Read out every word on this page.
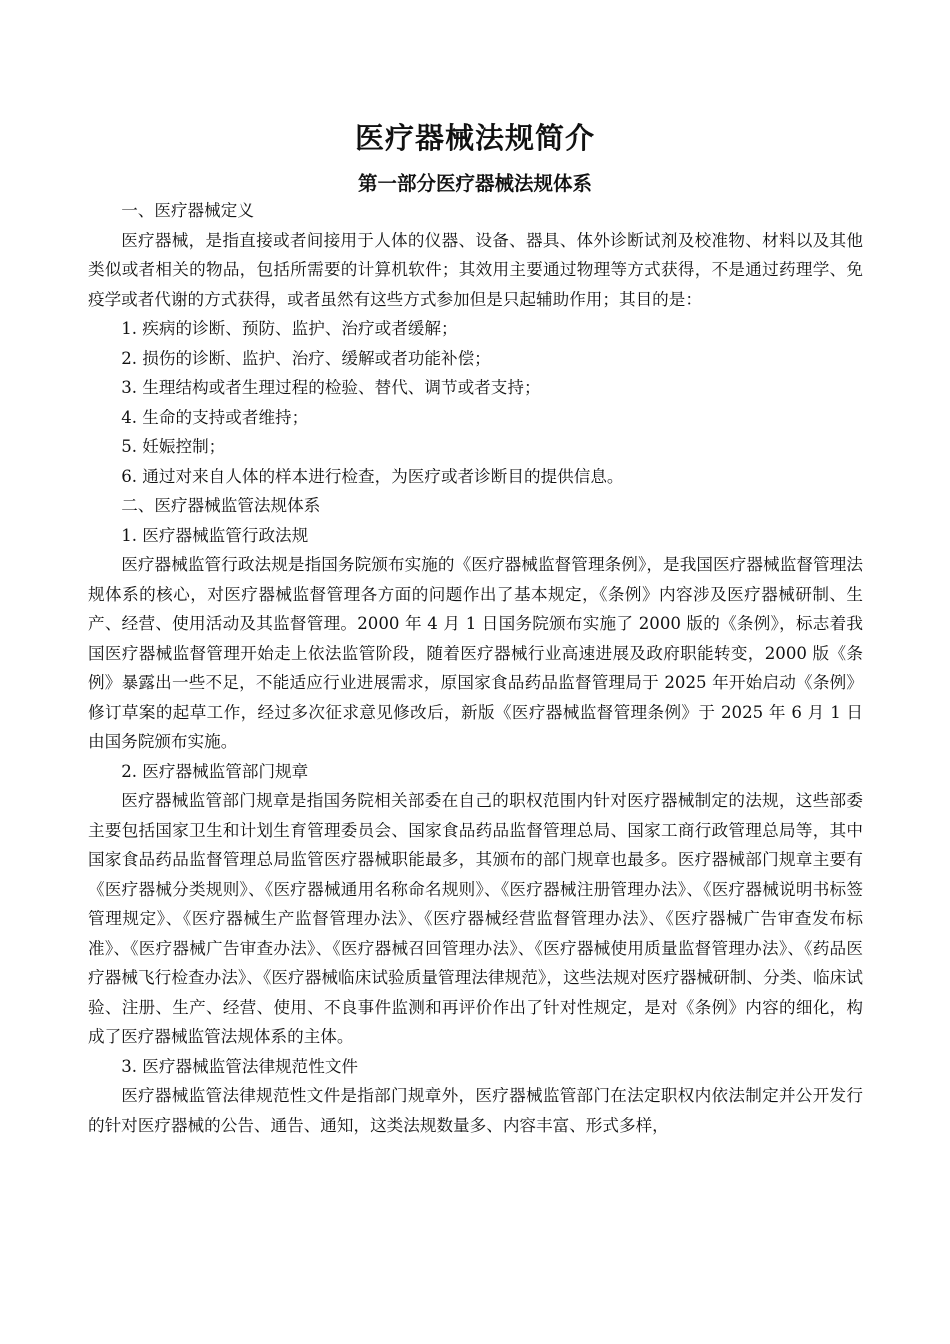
医疗器械法规简介
第一部分医疗器械法规体系

一、医疗器械定义

医疗器械，是指直接或者间接用于人体的仪器、设备、器具、体外诊断试剂及校准物、材料以及其他类似或者相关的物品，包括所需要的计算机软件；其效用主要通过物理等方式获得，不是通过药理学、免疫学或者代谢的方式获得，或者虽然有这些方式参加但是只起辅助作用；其目的是：

1. 疾病的诊断、预防、监护、治疗或者缓解；

2. 损伤的诊断、监护、治疗、缓解或者功能补偿；

3. 生理结构或者生理过程的检验、替代、调节或者支持；

4. 生命的支持或者维持；

5. 妊娠控制；

6. 通过对来自人体的样本进行检查，为医疗或者诊断目的提供信息。

二、医疗器械监管法规体系

1. 医疗器械监管行政法规

医疗器械监管行政法规是指国务院颁布实施的《医疗器械监督管理条例》，是我国医疗器械监督管理法规体系的核心，对医疗器械监督管理各方面的问题作出了基本规定，《条例》内容涉及医疗器械研制、生产、经营、使用活动及其监督管理。2000 年 4 月 1 日国务院颁布实施了 2000 版的《条例》，标志着我国医疗器械监督管理开始走上依法监管阶段，随着医疗器械行业高速进展及政府职能转变，2000 版《条例》暴露出一些不足，不能适应行业进展需求，原国家食品药品监督管理局于 2025 年开始启动《条例》修订草案的起草工作，经过多次征求意见修改后，新版《医疗器械监督管理条例》于 2025 年 6 月 1 日由国务院颁布实施。

2. 医疗器械监管部门规章

医疗器械监管部门规章是指国务院相关部委在自己的职权范围内针对医疗器械制定的法规，这些部委主要包括国家卫生和计划生育管理委员会、国家食品药品监督管理总局、国家工商行政管理总局等，其中国家食品药品监督管理总局监管医疗器械职能最多，其颁布的部门规章也最多。医疗器械部门规章主要有《医疗器械分类规则》、《医疗器械通用名称命名规则》、《医疗器械注册管理办法》、《医疗器械说明书标签管理规定》、《医疗器械生产监督管理办法》、《医疗器械经营监督管理办法》、《医疗器械广告审查发布标准》、《医疗器械广告审查办法》、《医疗器械召回管理办法》、《医疗器械使用质量监督管理办法》、《药品医疗器械飞行检查办法》、《医疗器械临床试验质量管理法律规范》，这些法规对医疗器械研制、分类、临床试验、注册、生产、经营、使用、不良事件监测和再评价作出了针对性规定，是对《条例》内容的细化，构成了医疗器械监管法规体系的主体。

3. 医疗器械监管法律规范性文件

医疗器械监管法律规范性文件是指部门规章外，医疗器械监管部门在法定职权内依法制定并公开发行的针对医疗器械的公告、通告、通知，这类法规数量多、内容丰富、形式多样，
